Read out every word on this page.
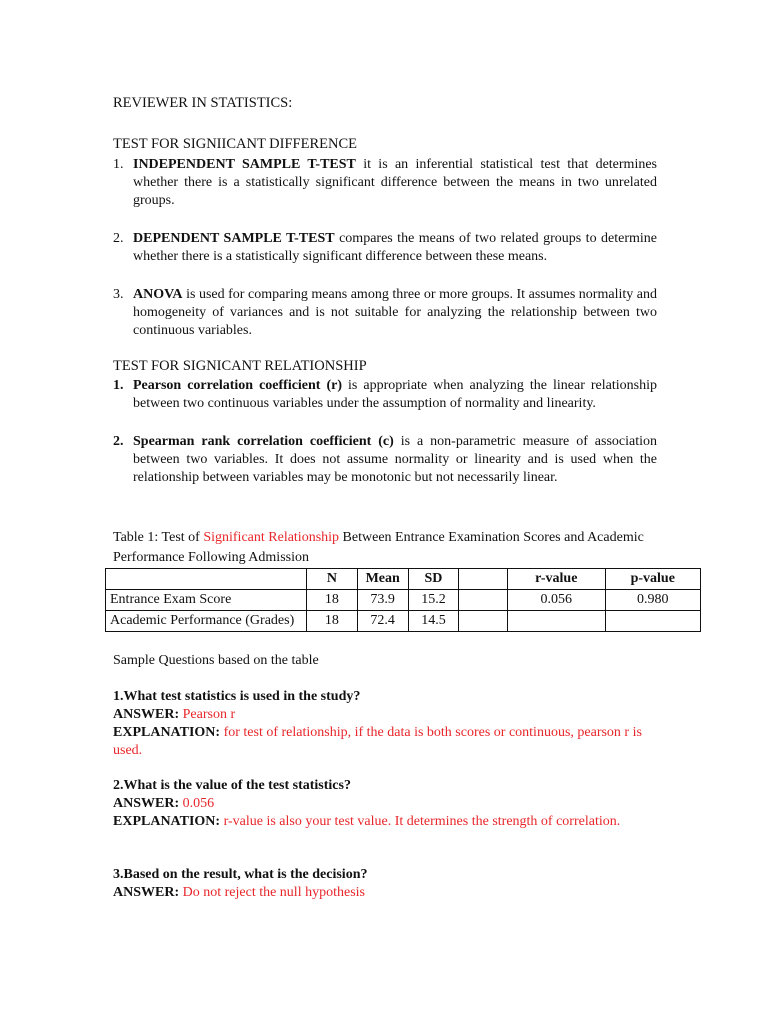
REVIEWER IN STATISTICS:
TEST FOR SIGNIICANT DIFFERENCE
1. INDEPENDENT SAMPLE T-TEST it is an inferential statistical test that determines whether there is a statistically significant difference between the means in two unrelated groups.
2. DEPENDENT SAMPLE T-TEST compares the means of two related groups to determine whether there is a statistically significant difference between these means.
3. ANOVA is used for comparing means among three or more groups. It assumes normality and homogeneity of variances and is not suitable for analyzing the relationship between two continuous variables.
TEST FOR SIGNICANT RELATIONSHIP
1. Pearson correlation coefficient (r) is appropriate when analyzing the linear relationship between two continuous variables under the assumption of normality and linearity.
2. Spearman rank correlation coefficient (c) is a non-parametric measure of association between two variables. It does not assume normality or linearity and is used when the relationship between variables may be monotonic but not necessarily linear.
Table 1: Test of Significant Relationship Between Entrance Examination Scores and Academic Performance Following Admission
	N	Mean	SD		r-value	p-value
Entrance Exam Score	18	73.9	15.2		0.056	0.980
Academic Performance (Grades)	18	72.4	14.5			
Sample Questions based on the table

1.What test statistics is used in the study?

ANSWER: Pearson r

EXPLANATION: for test of relationship, if the data is both scores or continuous, pearson r is used.

2.What is the value of the test statistics?

ANSWER: 0.056

EXPLANATION: r-value is also your test value. It determines the strength of correlation.

3.Based on the result, what is the decision?

ANSWER: Do not reject the null hypothesis
